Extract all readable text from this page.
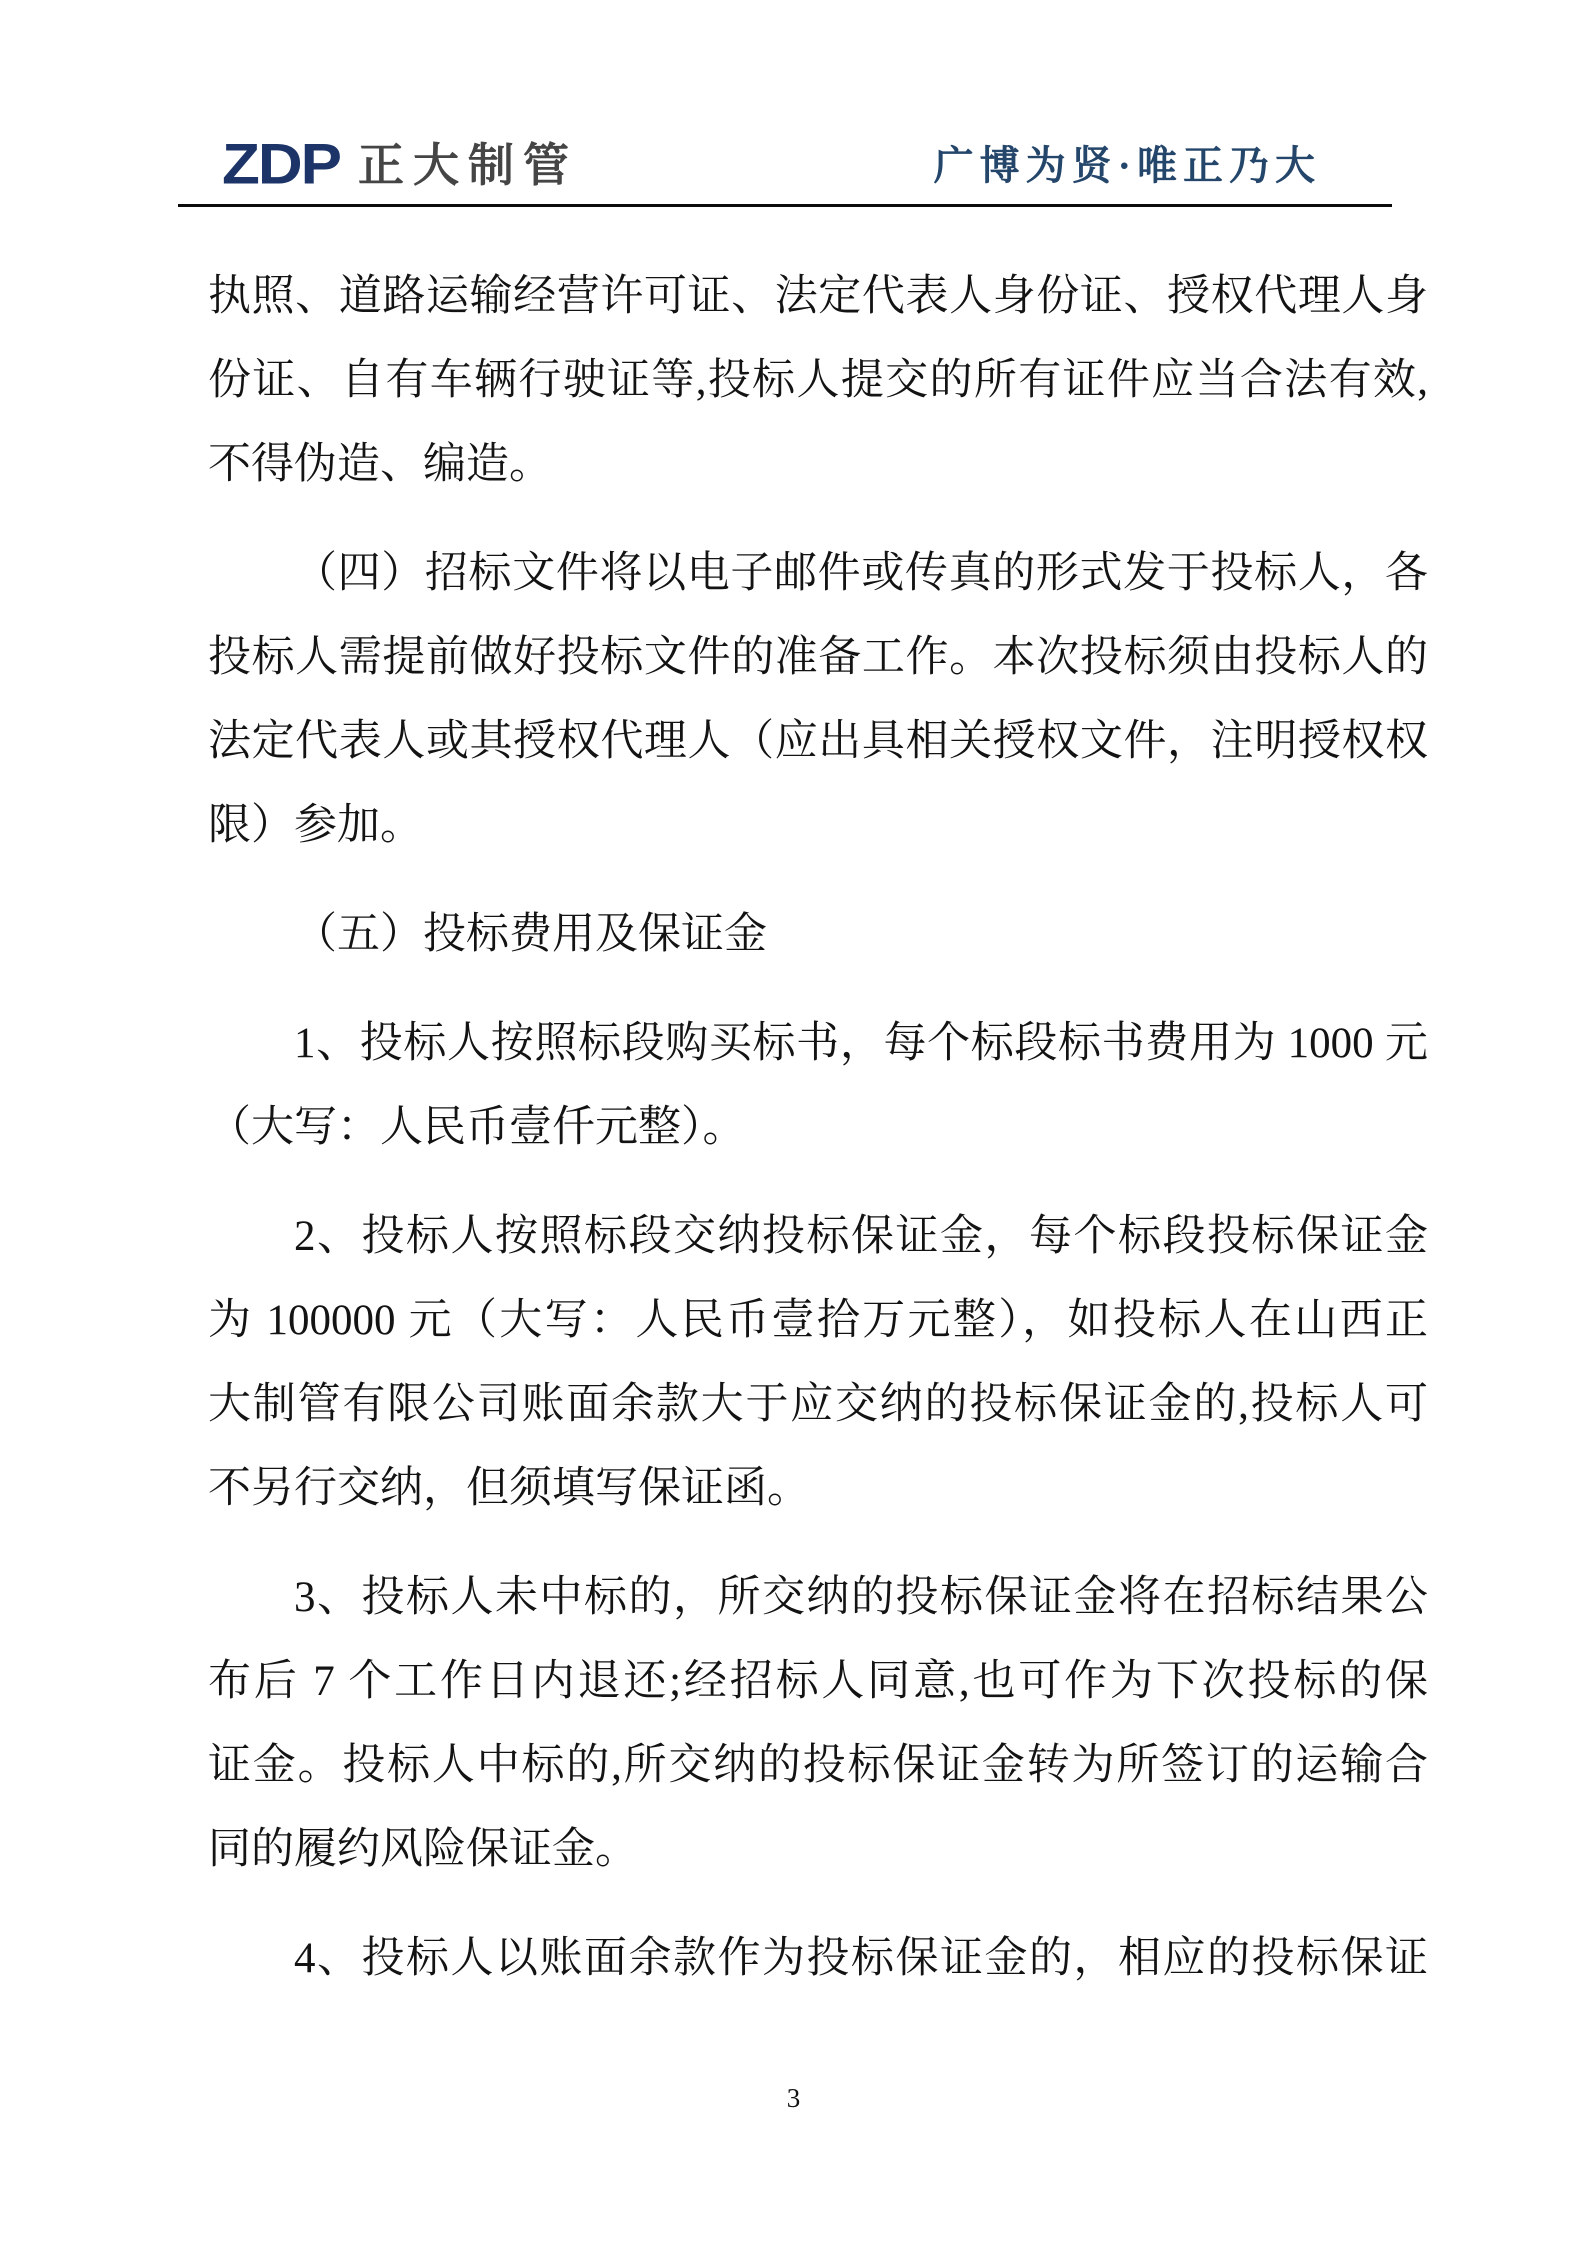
ZDP 正大制管	广博为贤·唯正乃大
执照、道路运输经营许可证、法定代表人身份证、授权代理人身
份证、自有车辆行驶证等,投标人提交的所有证件应当合法有效,
不得伪造、编造。
（四）招标文件将以电子邮件或传真的形式发于投标人，各
投标人需提前做好投标文件的准备工作。本次投标须由投标人的
法定代表人或其授权代理人（应出具相关授权文件，注明授权权
限）参加。
（五）投标费用及保证金
1、投标人按照标段购买标书，每个标段标书费用为 1000 元
（大写：人民币壹仟元整）。
2、投标人按照标段交纳投标保证金，每个标段投标保证金
为 100000 元（大写：人民币壹拾万元整），如投标人在山西正
大制管有限公司账面余款大于应交纳的投标保证金的,投标人可
不另行交纳，但须填写保证函。
3、投标人未中标的，所交纳的投标保证金将在招标结果公
布后 7 个工作日内退还;经招标人同意,也可作为下次投标的保
证金。投标人中标的,所交纳的投标保证金转为所签订的运输合
同的履约风险保证金。
4、投标人以账面余款作为投标保证金的，相应的投标保证
3
